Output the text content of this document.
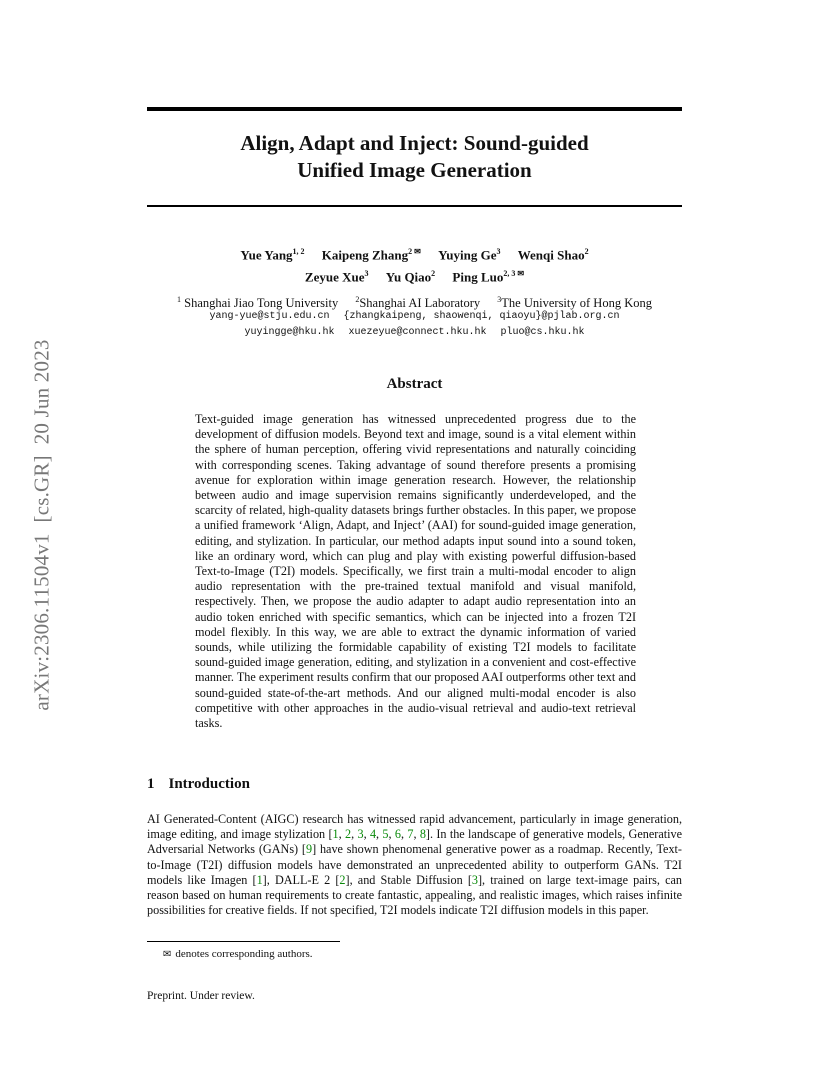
arXiv:2306.11504v1  [cs.GR]  20 Jun 2023
Align, Adapt and Inject: Sound-guided
Unified Image Generation
Yue Yang$^{1, 2}$ Kaipeng Zhang$^{2 ✉}$ Yuying Ge$^3$ Wenqi Shao$^2$
Zeyue Xue$^3$ Yu Qiao$^2$ Ping Luo$^{2, 3 ✉}$
$^1$ Shanghai Jiao Tong University $^2$Shanghai AI Laboratory $^3$The University of Hong Kong
yang-yue@stju.edu.cn {zhangkaipeng, shaowenqi, qiaoyu}@pjlab.org.cn
yuyingge@hku.hk xuezeyue@connect.hku.hk pluo@cs.hku.hk
Abstract

Text-guided image generation has witnessed unprecedented progress due to the development of diffusion models. Beyond text and image, sound is a vital element within the sphere of human perception, offering vivid representations and naturally coinciding with corresponding scenes. Taking advantage of sound therefore presents a promising avenue for exploration within image generation research. However, the relationship between audio and image supervision remains significantly underdeveloped, and the scarcity of related, high-quality datasets brings further obstacles. In this paper, we propose a unified framework ‘Align, Adapt, and Inject’ (AAI) for sound-guided image generation, editing, and stylization. In particular, our method adapts input sound into a sound token, like an ordinary word, which can plug and play with existing powerful diffusion-based Text-to-Image (T2I) models. Specifically, we first train a multi-modal encoder to align audio representation with the pre-trained textual manifold and visual manifold, respectively. Then, we propose the audio adapter to adapt audio representation into an audio token enriched with specific semantics, which can be injected into a frozen T2I model flexibly. In this way, we are able to extract the dynamic information of varied sounds, while utilizing the formidable capability of existing T2I models to facilitate sound-guided image generation, editing, and stylization in a convenient and cost-effective manner. The experiment results confirm that our proposed AAI outperforms other text and sound-guided state-of-the-art methods. And our aligned multi-modal encoder is also competitive with other approaches in the audio-visual retrieval and audio-text retrieval tasks.

1 Introduction

AI Generated-Content (AIGC) research has witnessed rapid advancement, particularly in image generation, image editing, and image stylization [1, 2, 3, 4, 5, 6, 7, 8]. In the landscape of generative models, Generative Adversarial Networks (GANs) [9] have shown phenomenal generative power as a roadmap. Recently, Text-to-Image (T2I) diffusion models have demonstrated an unprecedented ability to outperform GANs. T2I models like Imagen [1], DALL-E 2 [2], and Stable Diffusion [3], trained on large text-image pairs, can reason based on human requirements to create fantastic, appealing, and realistic images, which raises infinite possibilities for creative fields. If not specified, T2I models indicate T2I diffusion models in this paper.

✉ denotes corresponding authors.
Preprint. Under review.
